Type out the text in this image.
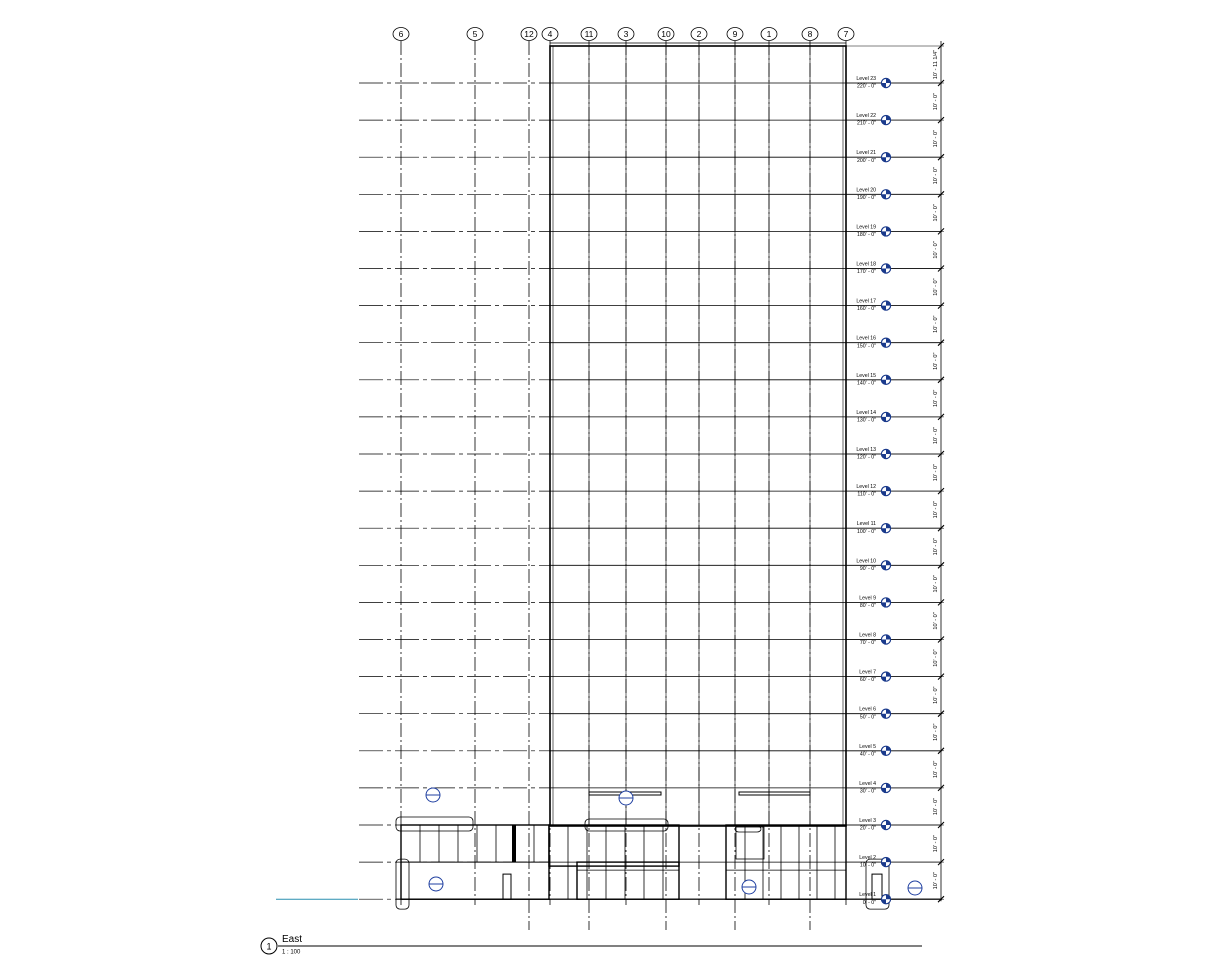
6	5	12 4	11	3	10	2	9	1	8	7
10' - 11 1/4"
10' - 0"
10' - 0"
10' - 0"
10' - 0"
10' - 0"
10' - 0"
10' - 0"
10' - 0"
10' - 0"
10' - 0"
10' - 0"
10' - 0"
10' - 0"
10' - 0"
10' - 0"
10' - 0"
10' - 0"
10' - 0"
10' - 0"
10' - 0"
10' - 0"
10' - 0"
Level 23
220' - 0"
Level 22
210' - 0"
Level 21
200' - 0"
Level 20
190' - 0"
Level 19
180' - 0"
Level 18
170' - 0"
Level 17
160' - 0"
Level 16
150' - 0"
Level 15
140' - 0"
Level 14
130' - 0"
Level 13
120' - 0"
Level 12
110' - 0"
Level 11
100' - 0"
Level 10
90' - 0"
Level 9
80' - 0"
Level 8
70' - 0"
Level 7
60' - 0"
Level 6
50' - 0"
Level 5
40' - 0"
Level 4
30' - 0"
Level 3
20' - 0"
Level 2
10' - 0"
Level 1
0' - 0"
1
East
1 : 100
